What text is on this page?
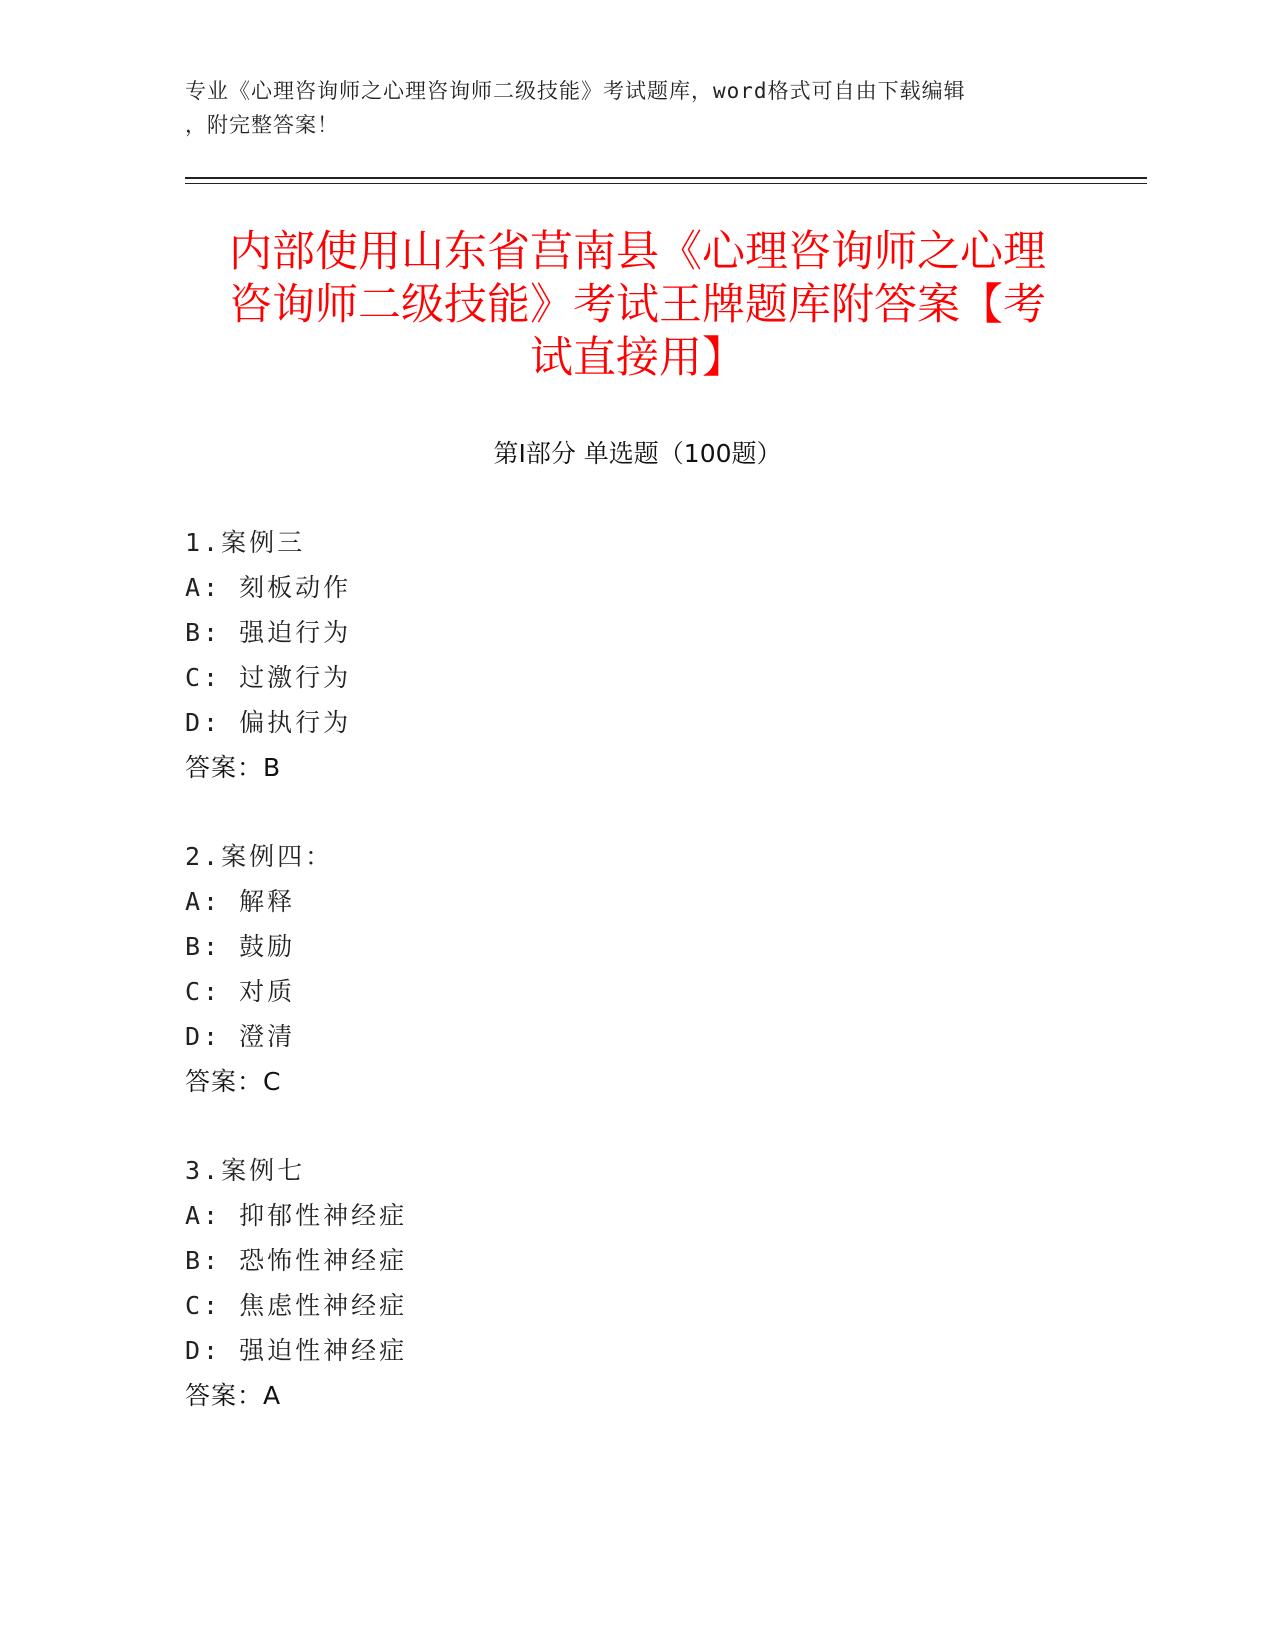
专业《心理咨询师之心理咨询师二级技能》考试题库，word格式可自由下载编辑
，附完整答案！
内部使用山东省莒南县《心理咨询师之心理
咨询师二级技能》考试王牌题库附答案【考
试直接用】
第Ⅰ部分 单选题（100题）
1.案例三
A: 刻板动作
B: 强迫行为
C: 过激行为
D: 偏执行为
答案：B
2.案例四：
A: 解释
B: 鼓励
C: 对质
D: 澄清
答案：C
3.案例七
A: 抑郁性神经症
B: 恐怖性神经症
C: 焦虑性神经症
D: 强迫性神经症
答案：A
